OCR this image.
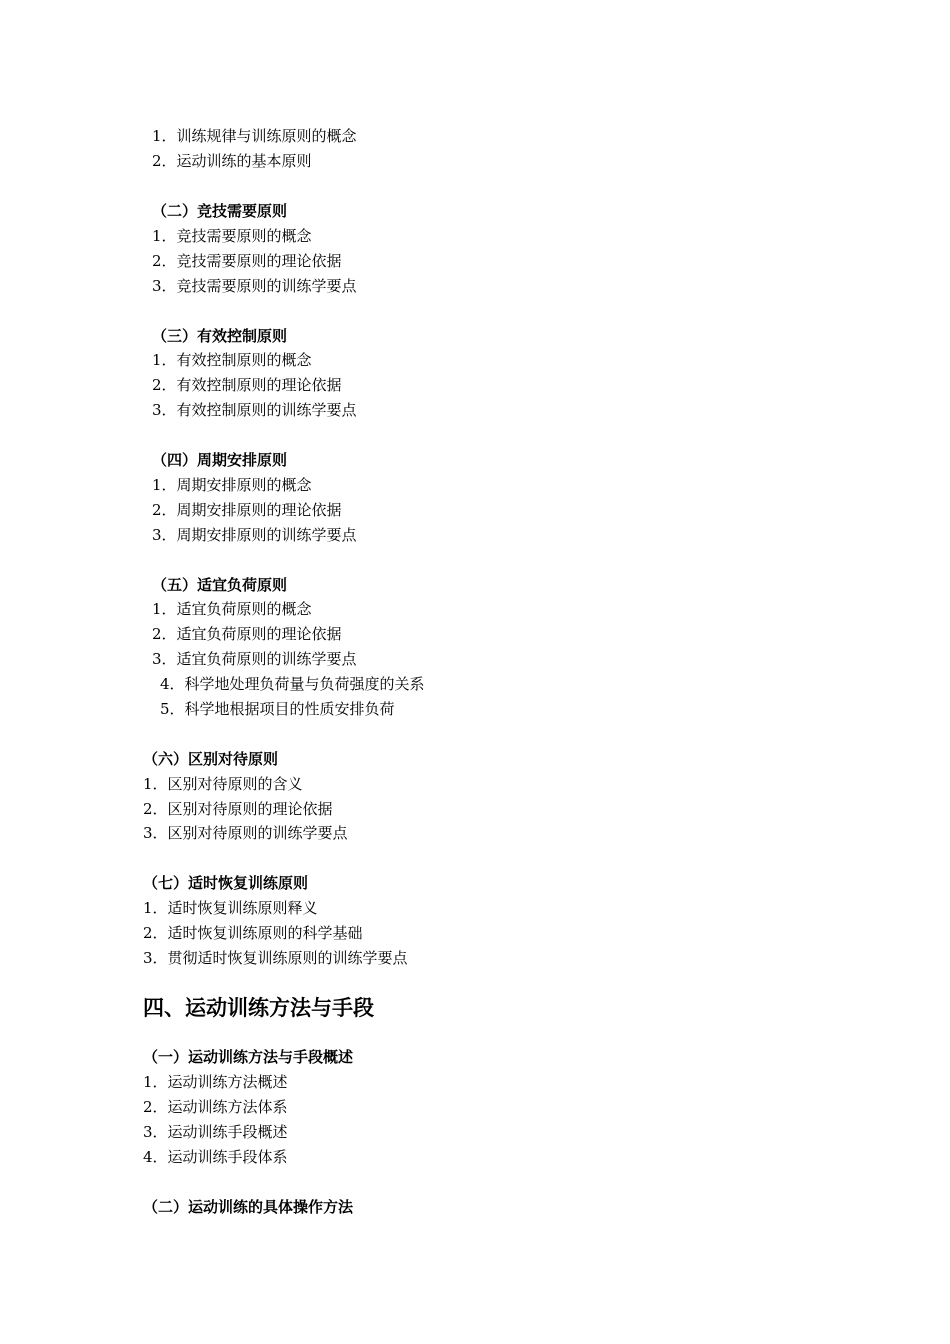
1．训练规律与训练原则的概念
2．运动训练的基本原则
（二）竞技需要原则
1．竞技需要原则的概念
2．竞技需要原则的理论依据
3．竞技需要原则的训练学要点
（三）有效控制原则
1．有效控制原则的概念
2．有效控制原则的理论依据
3．有效控制原则的训练学要点
（四）周期安排原则
1．周期安排原则的概念
2．周期安排原则的理论依据
3．周期安排原则的训练学要点
（五）适宜负荷原则
1．适宜负荷原则的概念
2．适宜负荷原则的理论依据
3．适宜负荷原则的训练学要点
4．科学地处理负荷量与负荷强度的关系
5．科学地根据项目的性质安排负荷
（六）区别对待原则
1．区别对待原则的含义
2．区别对待原则的理论依据
3．区别对待原则的训练学要点
（七）适时恢复训练原则
1．适时恢复训练原则释义
2．适时恢复训练原则的科学基础
3．贯彻适时恢复训练原则的训练学要点
四、运动训练方法与手段
（一）运动训练方法与手段概述
1．运动训练方法概述
2．运动训练方法体系
3．运动训练手段概述
4．运动训练手段体系
（二）运动训练的具体操作方法
